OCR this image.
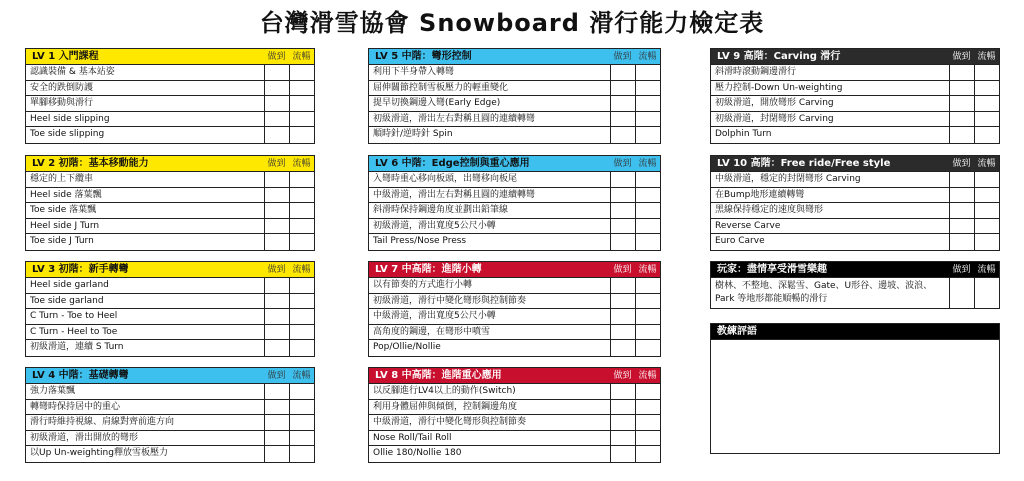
台灣滑雪協會 Snowboard 滑行能力檢定表
LV 1 入門課程	做到 流暢
認識裝備 & 基本站姿
安全的跌倒防護
單腳移動與滑行
Heel side slipping
Toe side slipping
LV 2 初階：基本移動能力	做到 流暢
穩定的上下纜車
Heel side 落葉飄
Toe side 落葉飄
Heel side J Turn
Toe side J Turn
LV 3 初階：新手轉彎	做到 流暢
Heel side garland
Toe side garland
C Turn - Toe to Heel
C Turn - Heel to Toe
初級滑道，連續 S Turn
LV 4 中階：基礎轉彎	做到 流暢
強力落葉飄
轉彎時保持居中的重心
滑行時維持視線、肩線對齊前進方向
初級滑道，滑出開放的彎形
以Up Un-weighting釋放雪板壓力
LV 5 中階：彎形控制	做到 流暢
利用下半身帶入轉彎
屈伸關節控制雪板壓力的輕重變化
提早切換鋼邊入彎(Early Edge)
初級滑道，滑出左右對稱且圓的連續轉彎
順時針/逆時針 Spin
LV 6 中階：Edge控制與重心應用	做到 流暢
入彎時重心移向板頭，出彎移向板尾
中級滑道，滑出左右對稱且圓的連續轉彎
斜滑時保持鋼邊角度並劃出鉛筆線
初級滑道，滑出寬度5公尺小轉
Tail Press/Nose Press
LV 7 中高階：進階小轉	做到 流暢
以有節奏的方式進行小轉
初級滑道，滑行中變化彎形與控制節奏
中級滑道，滑出寬度5公尺小轉
高角度的鋼邊，在彎形中噴雪
Pop/Ollie/Nollie
LV 8 中高階：進階重心應用	做到 流暢
以反腳進行LV4以上的動作(Switch)
利用身體屈伸與傾倒，控制鋼邊角度
中級滑道，滑行中變化彎形與控制節奏
Nose Roll/Tail Roll
Ollie 180/Nollie 180
LV 9 高階：Carving 滑行	做到 流暢
斜滑時滾動鋼邊滑行
壓力控制-Down Un-weighting
初級滑道，開放彎形 Carving
初級滑道，封閉彎形 Carving
Dolphin Turn
LV 10 高階：Free ride/Free style	做到 流暢
中級滑道，穩定的封閉彎形 Carving
在Bump地形連續轉彎
黑線保持穩定的速度與彎形
Reverse Carve
Euro Carve
玩家：盡情享受滑雪樂趣	做到 流暢
樹林、不整地、深鬆雪、Gate、U形谷、邊坡、波浪、Park 等地形都能順暢的滑行
教練評語
